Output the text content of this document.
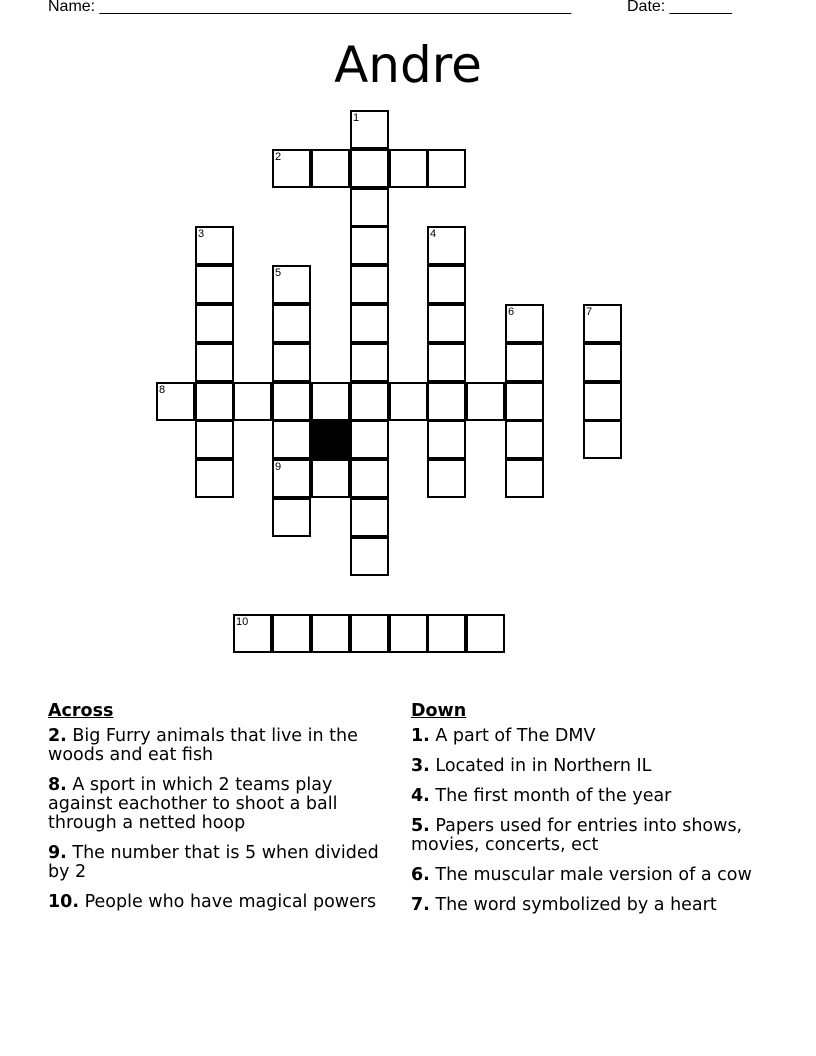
Name: _____________________________________________________	Date: _______
Andre
1
2
3	4
5
9
6	7
8
10
Across
2. Big Furry animals that live in the woods and eat fish
8. A sport in which 2 teams play against eachother to shoot a ball through a netted hoop
9. The number that is 5 when divided by 2
10. People who have magical powers
Down
1. A part of The DMV
3. Located in in Northern IL
4. The first month of the year
5. Papers used for entries into shows, movies, concerts, ect
6. The muscular male version of a cow
7. The word symbolized by a heart
